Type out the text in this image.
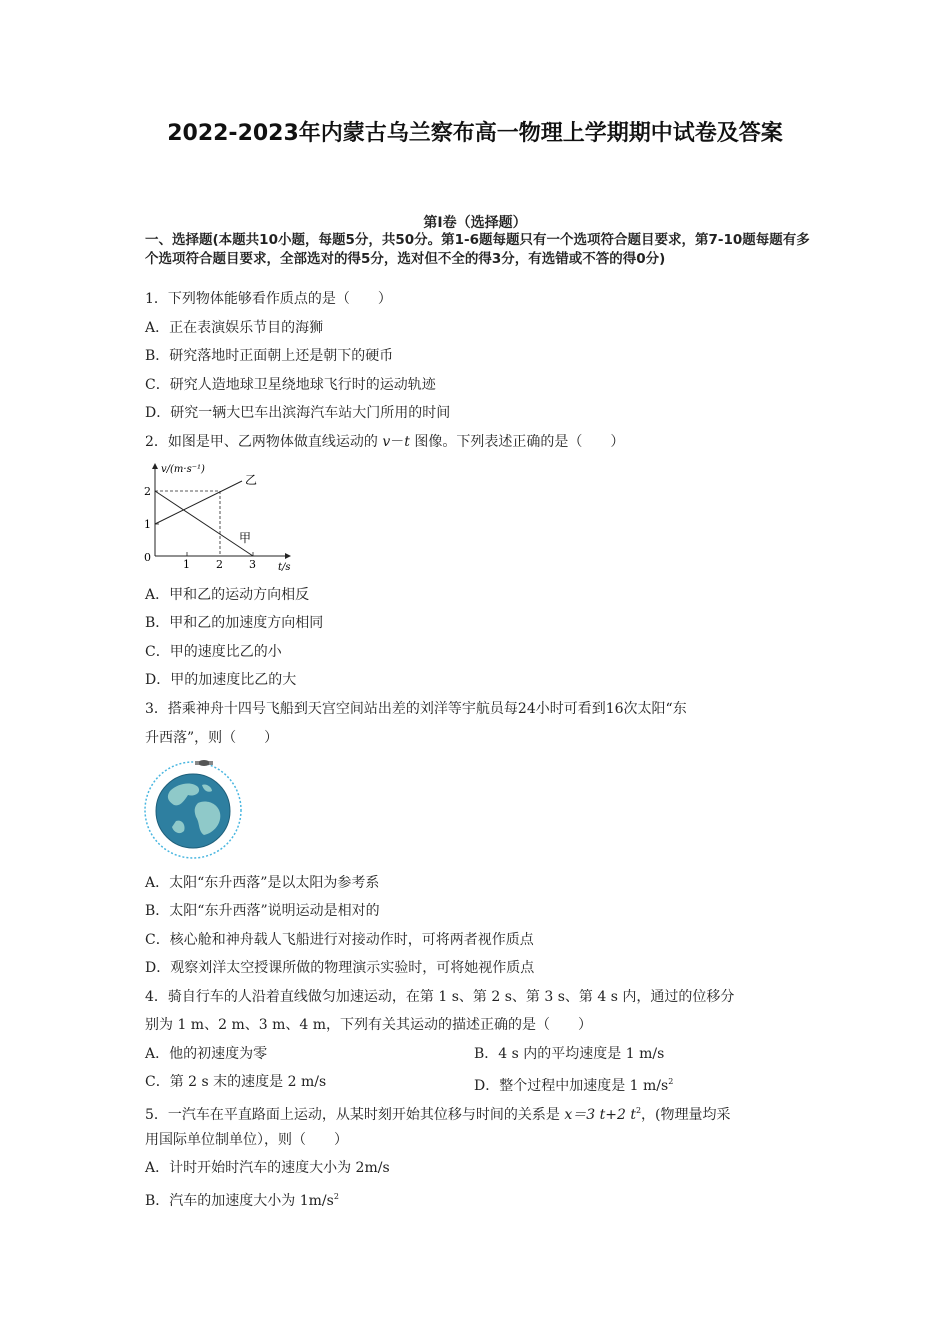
2022-2023年内蒙古乌兰察布高一物理上学期期中试卷及答案
第Ⅰ卷（选择题）
一、选择题(本题共10小题，每题5分，共50分。第1-6题每题只有一个选项符合题目要求，第7-10题每题有多个选项符合题目要求，全部选对的得5分，选对但不全的得3分，有选错或不答的得0分)
1．下列物体能够看作质点的是（　　）
A．正在表演娱乐节目的海狮
B．研究落地时正面朝上还是朝下的硬币
C．研究人造地球卫星绕地球飞行时的运动轨迹
D．研究一辆大巴车出滨海汽车站大门所用的时间
2．如图是甲、乙两物体做直线运动的 v－t 图像。下列表述正确的是（　　）
v/(m·s⁻¹)
t/s
0
1
2
1 2 3
乙
甲
A．甲和乙的运动方向相反
B．甲和乙的加速度方向相同
C．甲的速度比乙的小
D．甲的加速度比乙的大
3．搭乘神舟十四号飞船到天宫空间站出差的刘洋等宇航员每24小时可看到16次太阳“东
升西落”，则（　　）
A．太阳“东升西落”是以太阳为参考系
B．太阳“东升西落”说明运动是相对的
C．核心舱和神舟载人飞船进行对接动作时，可将两者视作质点
D．观察刘洋太空授课所做的物理演示实验时，可将她视作质点
4．骑自行车的人沿着直线做匀加速运动，在第 1 s、第 2 s、第 3 s、第 4 s 内，通过的位移分
别为 1 m、2 m、3 m、4 m，下列有关其运动的描述正确的是（　　）
A．他的初速度为零	B．4 s 内的平均速度是 1 m/s
C．第 2 s 末的速度是 2 m/s	D．整个过程中加速度是 1 $m/s^2$
5．一汽车在平直路面上运动，从某时刻开始其位移与时间的关系是 x＝3 t+2 $t^2$，(物理量均采
用国际单位制单位），则（　　）
A．计时开始时汽车的速度大小为 2m/s
B．汽车的加速度大小为 $1m/s^2$
